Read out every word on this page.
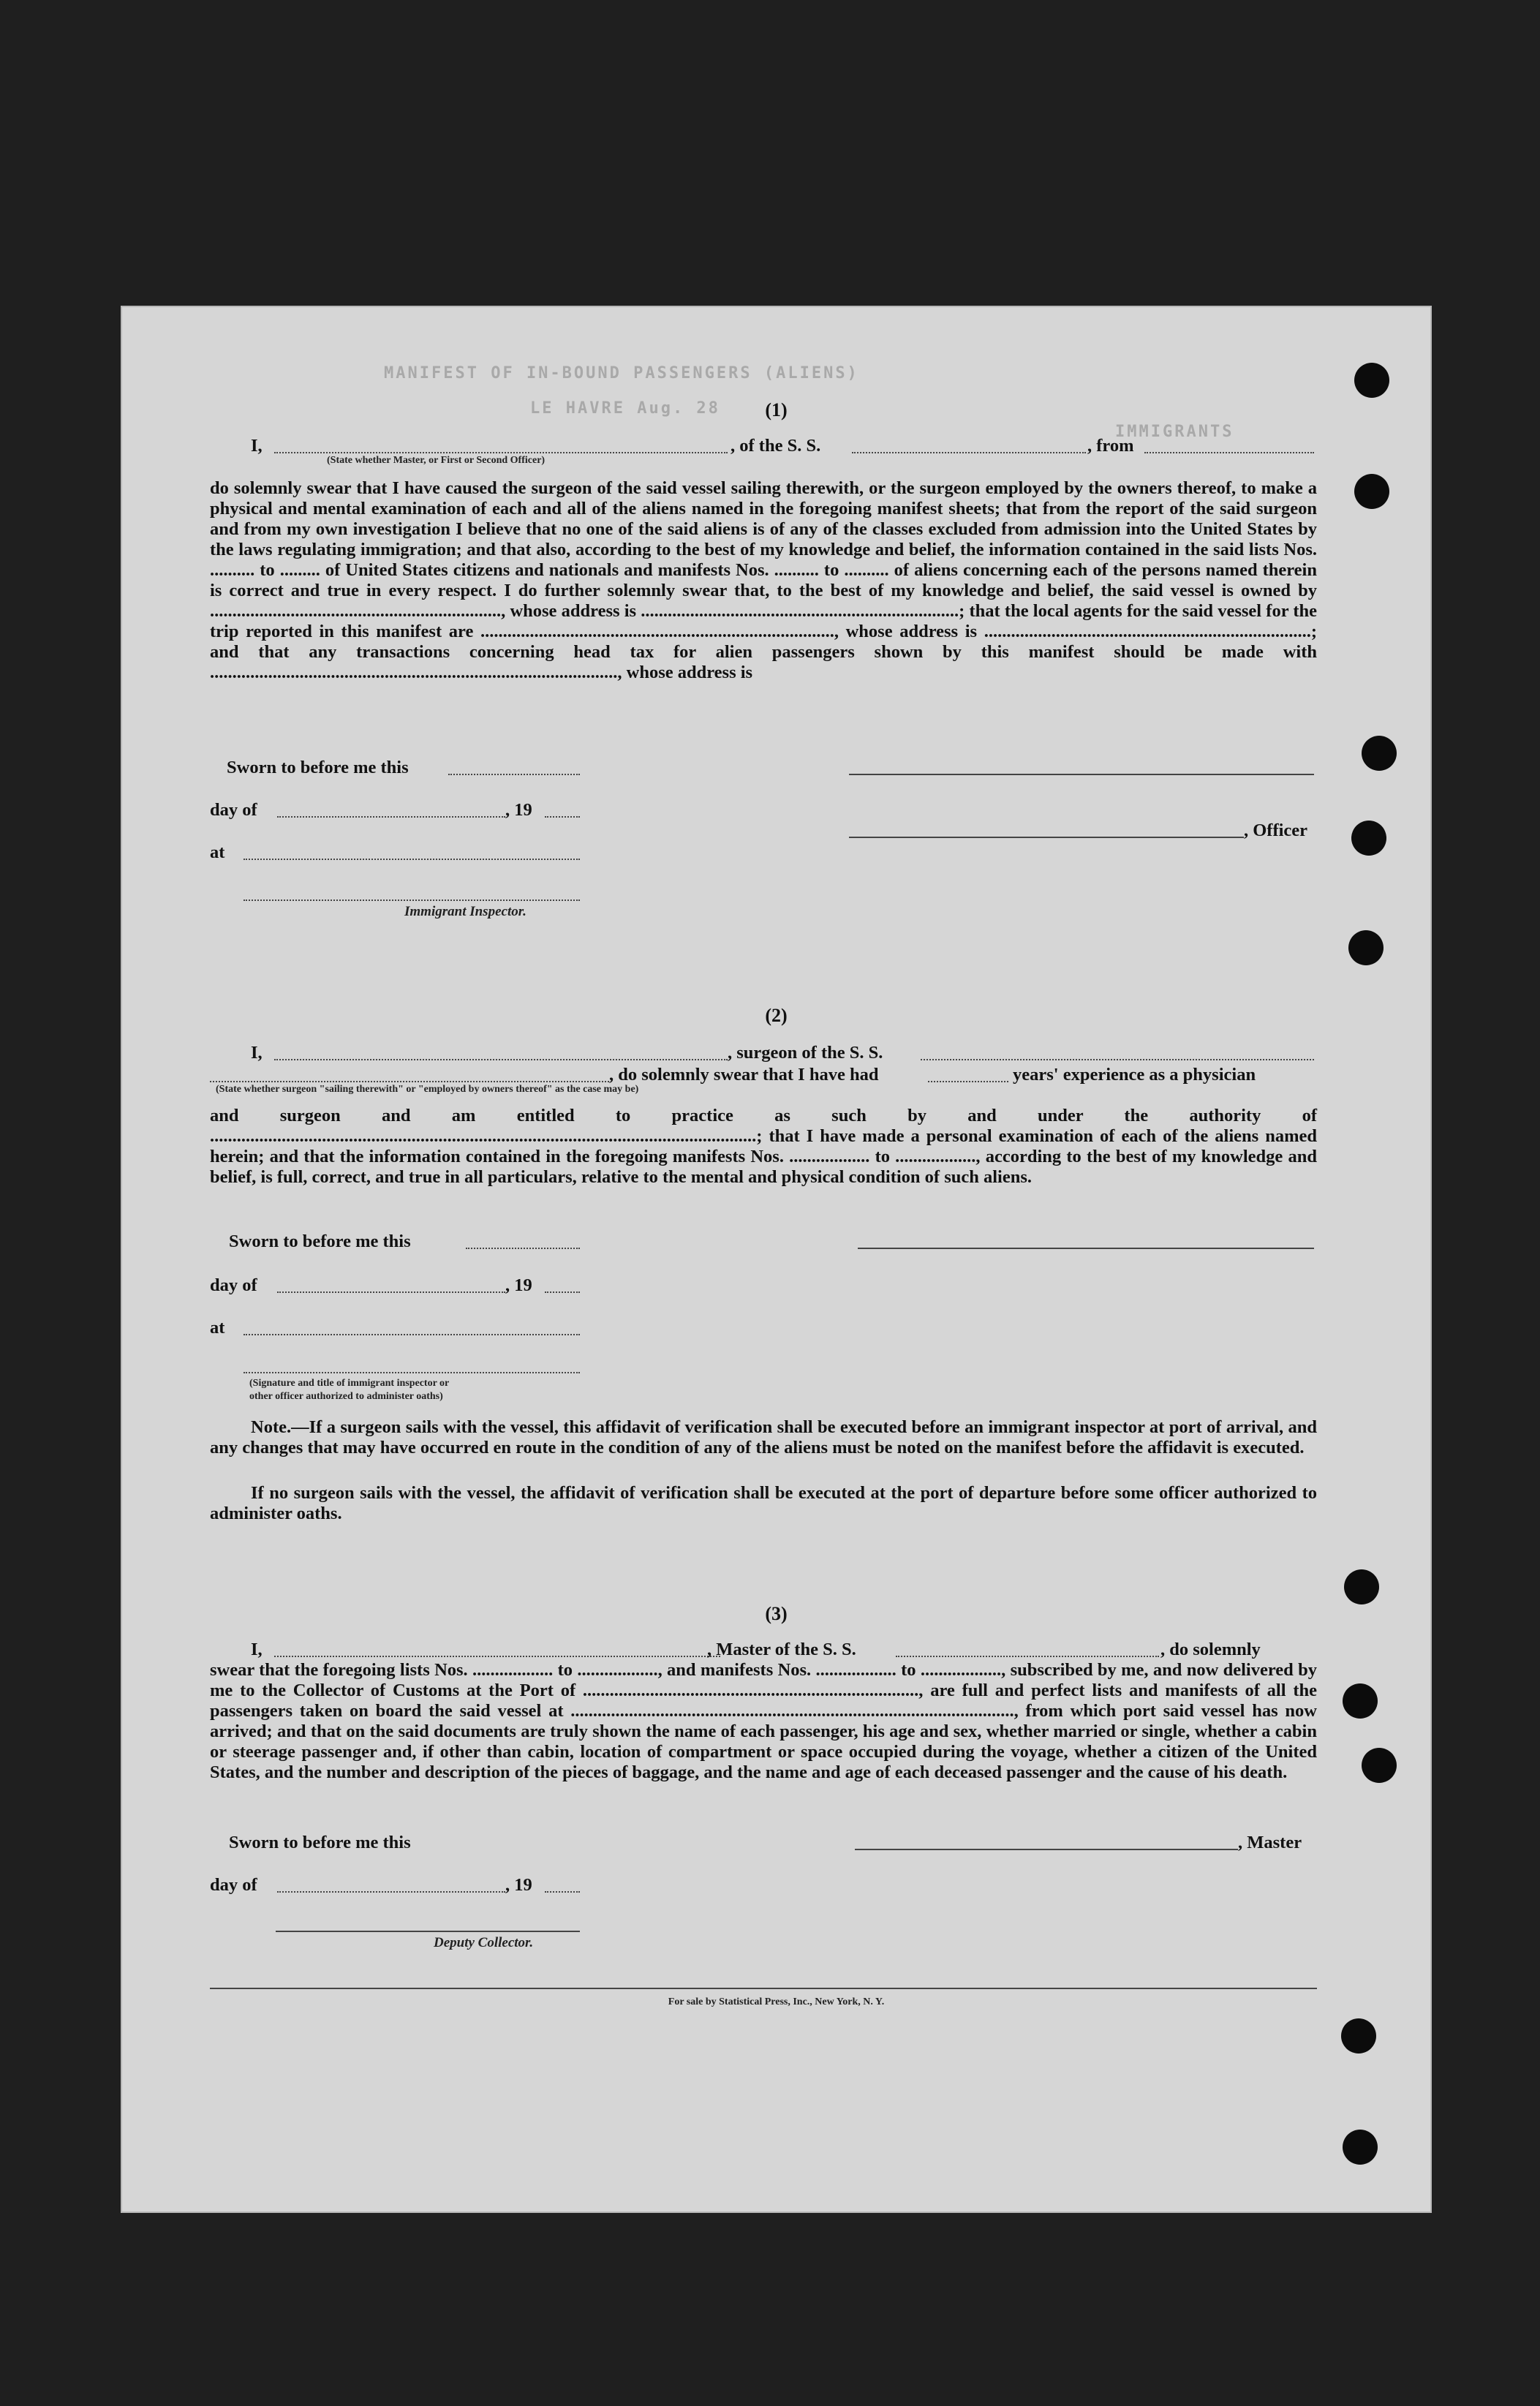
MANIFEST OF IN-BOUND PASSENGERS (ALIENS)
LE HAVRE Aug. 28
IMMIGRANTS
(1)
I,	, of the S. S.	, from
(State whether Master, or First or Second Officer)
do solemnly swear that I have caused the surgeon of the said vessel sailing therewith, or the surgeon employed by the owners thereof, to make a physical and mental examination of each and all of the aliens named in the foregoing manifest sheets; that from the report of the said surgeon and from my own investigation I believe that no one of the said aliens is of any of the classes excluded from admission into the United States by the laws regulating immigration; and that also, according to the best of my knowledge and belief, the information contained in the said lists Nos. .......... to ......... of United States citizens and nationals and manifests Nos. .......... to .......... of aliens concerning each of the persons named therein is correct and true in every respect. I do further solemnly swear that, to the best of my knowledge and belief, the said vessel is owned by ................................................................., whose address is .......................................................................; that the local agents for the said vessel for the trip reported in this manifest are ..............................................................................., whose address is .........................................................................; and that any transactions concerning head tax for alien passengers shown by this manifest should be made with ..........................................................................................., whose address is
Sworn to before me this
day of	, 19
, Officer
at
Immigrant Inspector.
(2)
I,	, surgeon of the S. S.
, do solemnly swear that I have had	years' experience as a physician
(State whether surgeon "sailing therewith" or "employed by owners thereof" as the case may be)
and surgeon and am entitled to practice as such by and under the authority of ..........................................................................................................................; that I have made a personal examination of each of the aliens named herein; and that the information contained in the foregoing manifests Nos. .................. to .................., according to the best of my knowledge and belief, is full, correct, and true in all particulars, relative to the mental and physical condition of such aliens.
Sworn to before me this
day of	, 19
at
(Signature and title of immigrant inspector or
other officer authorized to administer oaths)
Note.—If a surgeon sails with the vessel, this affidavit of verification shall be executed before an immigrant inspector at port of arrival, and any changes that may have occurred en route in the condition of any of the aliens must be noted on the manifest before the affidavit is executed.
If no surgeon sails with the vessel, the affidavit of verification shall be executed at the port of departure before some officer authorized to administer oaths.
(3)
I,	, Master of the S. S.	, do solemnly
swear that the foregoing lists Nos. .................. to .................., and manifests Nos. .................. to .................., subscribed by me, and now delivered by me to the Collector of Customs at the Port of ..........................................................................., are full and perfect lists and manifests of all the passengers taken on board the said vessel at ..................................................................................................., from which port said vessel has now arrived; and that on the said documents are truly shown the name of each passenger, his age and sex, whether married or single, whether a cabin or steerage passenger and, if other than cabin, location of compartment or space occupied during the voyage, whether a citizen of the United States, and the number and description of the pieces of baggage, and the name and age of each deceased passenger and the cause of his death.
Sworn to before me this	, Master
day of	, 19
Deputy Collector.
For sale by Statistical Press, Inc., New York, N. Y.
